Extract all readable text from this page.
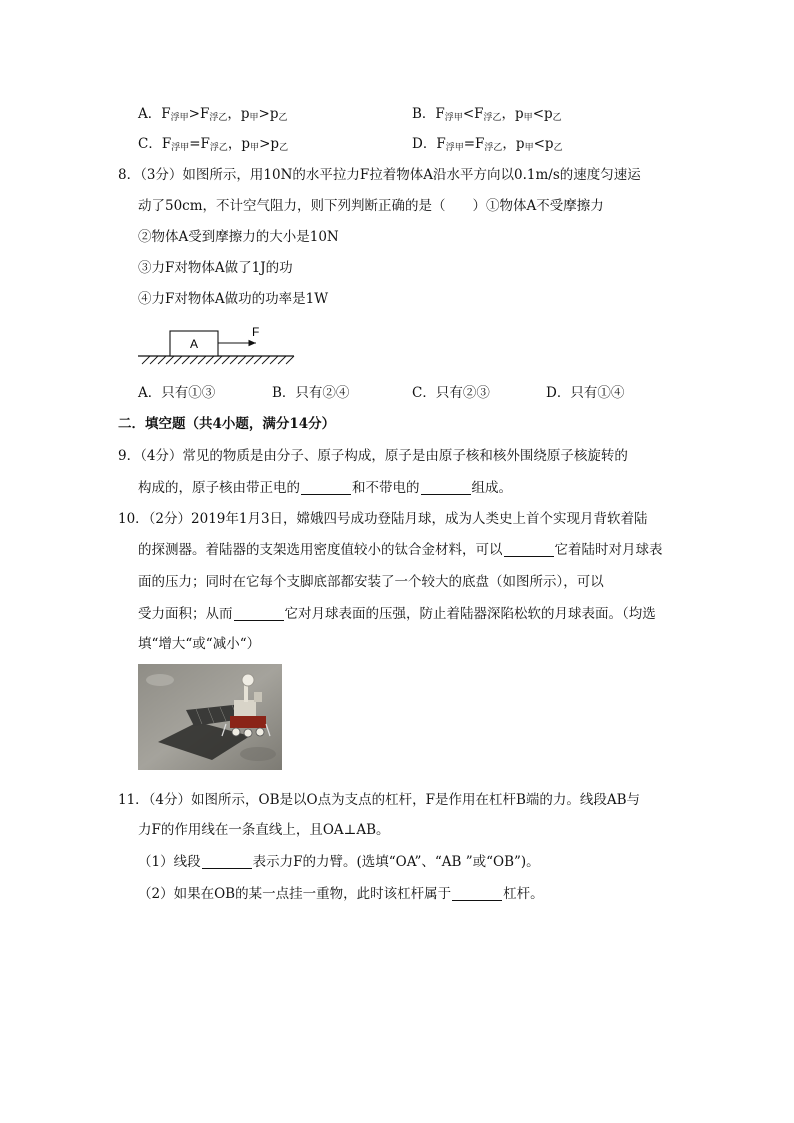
A．$F_{浮甲}>F_{浮乙}$，$p_甲>p_乙$	B．$F_{浮甲}<F_{浮乙}$，$p_甲<p_乙$
C．$F_{浮甲}=F_{浮乙}$，$p_甲>p_乙$	D．$F_{浮甲}=F_{浮乙}$，$p_甲<p_乙$
8．（3分）如图所示，用10N的水平拉力F拉着物体A沿水平方向以0.1m/s的速度匀速运
动了50cm，不计空气阻力，则下列判断正确的是（　　）①物体A不受摩擦力
②物体A受到摩擦力的大小是10N
③力F对物体A做了1J的功
④力F对物体A做功的功率是1W
A
F
A．只有①③	B．只有②④	C．只有②③	D．只有①④
二．填空题（共4小题，满分14分）
9．（4分）常见的物质是由分子、原子构成，原子是由原子核和核外围绕原子核旋转的
构成的，原子核由带正电的	和不带电的	组成。
10．（2分）2019年1月3日，嫦娥四号成功登陆月球，成为人类史上首个实现月背软着陆
的探测器。着陆器的支架选用密度值较小的钛合金材料，可以	它着陆时对月球表
面的压力；同时在它每个支脚底部都安装了一个较大的底盘（如图所示），可以
受力面积；从而	它对月球表面的压强，防止着陆器深陷松软的月球表面。（均选
填“增大“或“减小“）
11．（4分）如图所示，OB是以O点为支点的杠杆，F是作用在杠杆B端的力。线段AB与
力F的作用线在一条直线上，且OA⊥AB。
（1）线段	表示力F的力臂。(选填“OA”、“AB ”或“OB”)。
（2）如果在OB的某一点挂一重物，此时该杠杆属于	杠杆。
